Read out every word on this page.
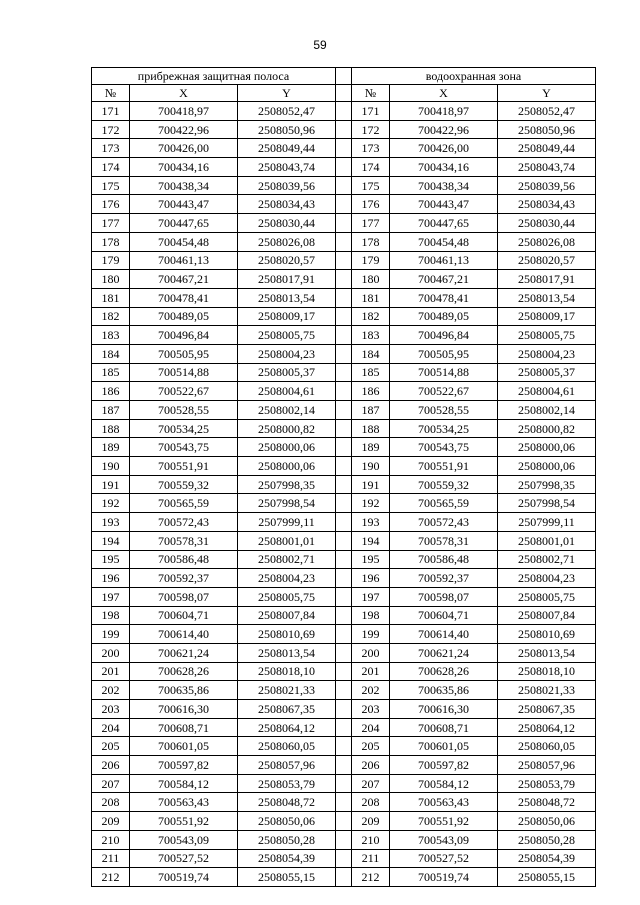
59
прибрежная защитная полоса				водоохранная зона		
№	X	Y		№	X	Y
171	700418,97	2508052,47		171	700418,97	2508052,47
172	700422,96	2508050,96		172	700422,96	2508050,96
173	700426,00	2508049,44		173	700426,00	2508049,44
174	700434,16	2508043,74		174	700434,16	2508043,74
175	700438,34	2508039,56		175	700438,34	2508039,56
176	700443,47	2508034,43		176	700443,47	2508034,43
177	700447,65	2508030,44		177	700447,65	2508030,44
178	700454,48	2508026,08		178	700454,48	2508026,08
179	700461,13	2508020,57		179	700461,13	2508020,57
180	700467,21	2508017,91		180	700467,21	2508017,91
181	700478,41	2508013,54		181	700478,41	2508013,54
182	700489,05	2508009,17		182	700489,05	2508009,17
183	700496,84	2508005,75		183	700496,84	2508005,75
184	700505,95	2508004,23		184	700505,95	2508004,23
185	700514,88	2508005,37		185	700514,88	2508005,37
186	700522,67	2508004,61		186	700522,67	2508004,61
187	700528,55	2508002,14		187	700528,55	2508002,14
188	700534,25	2508000,82		188	700534,25	2508000,82
189	700543,75	2508000,06		189	700543,75	2508000,06
190	700551,91	2508000,06		190	700551,91	2508000,06
191	700559,32	2507998,35		191	700559,32	2507998,35
192	700565,59	2507998,54		192	700565,59	2507998,54
193	700572,43	2507999,11		193	700572,43	2507999,11
194	700578,31	2508001,01		194	700578,31	2508001,01
195	700586,48	2508002,71		195	700586,48	2508002,71
196	700592,37	2508004,23		196	700592,37	2508004,23
197	700598,07	2508005,75		197	700598,07	2508005,75
198	700604,71	2508007,84		198	700604,71	2508007,84
199	700614,40	2508010,69		199	700614,40	2508010,69
200	700621,24	2508013,54		200	700621,24	2508013,54
201	700628,26	2508018,10		201	700628,26	2508018,10
202	700635,86	2508021,33		202	700635,86	2508021,33
203	700616,30	2508067,35		203	700616,30	2508067,35
204	700608,71	2508064,12		204	700608,71	2508064,12
205	700601,05	2508060,05		205	700601,05	2508060,05
206	700597,82	2508057,96		206	700597,82	2508057,96
207	700584,12	2508053,79		207	700584,12	2508053,79
208	700563,43	2508048,72		208	700563,43	2508048,72
209	700551,92	2508050,06		209	700551,92	2508050,06
210	700543,09	2508050,28		210	700543,09	2508050,28
211	700527,52	2508054,39		211	700527,52	2508054,39
212	700519,74	2508055,15		212	700519,74	2508055,15
